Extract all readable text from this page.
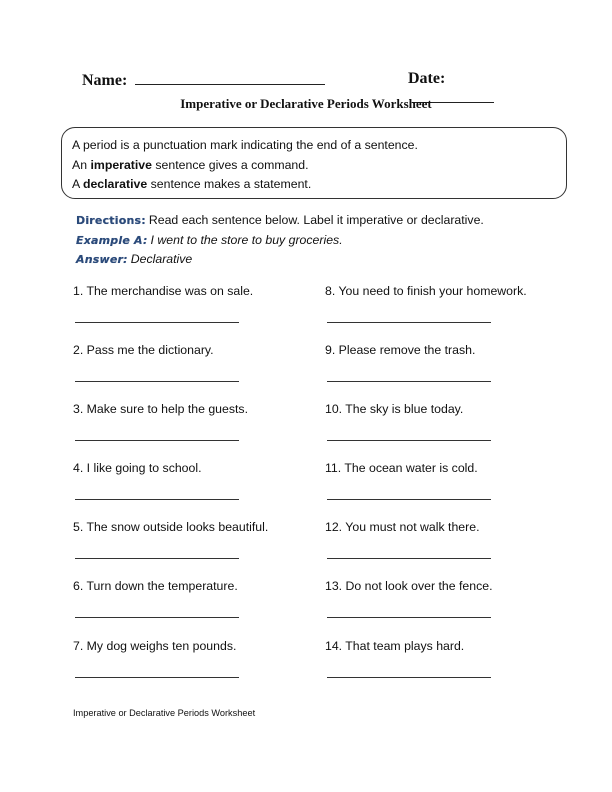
Name:	Date:
Imperative or Declarative Periods Worksheet
A period is a punctuation mark indicating the end of a sentence.
An imperative sentence gives a command.
A declarative sentence makes a statement.
Directions: Read each sentence below. Label it imperative or declarative.
Example A: I went to the store to buy groceries.
Answer: Declarative
1. The merchandise was on sale.
2. Pass me the dictionary.
3. Make sure to help the guests.
4. I like going to school.
5. The snow outside looks beautiful.
6. Turn down the temperature.
7. My dog weighs ten pounds.
8. You need to finish your homework.
9. Please remove the trash.
10. The sky is blue today.
11. The ocean water is cold.
12. You must not walk there.
13. Do not look over the fence.
14. That team plays hard.
Imperative or Declarative Periods Worksheet
